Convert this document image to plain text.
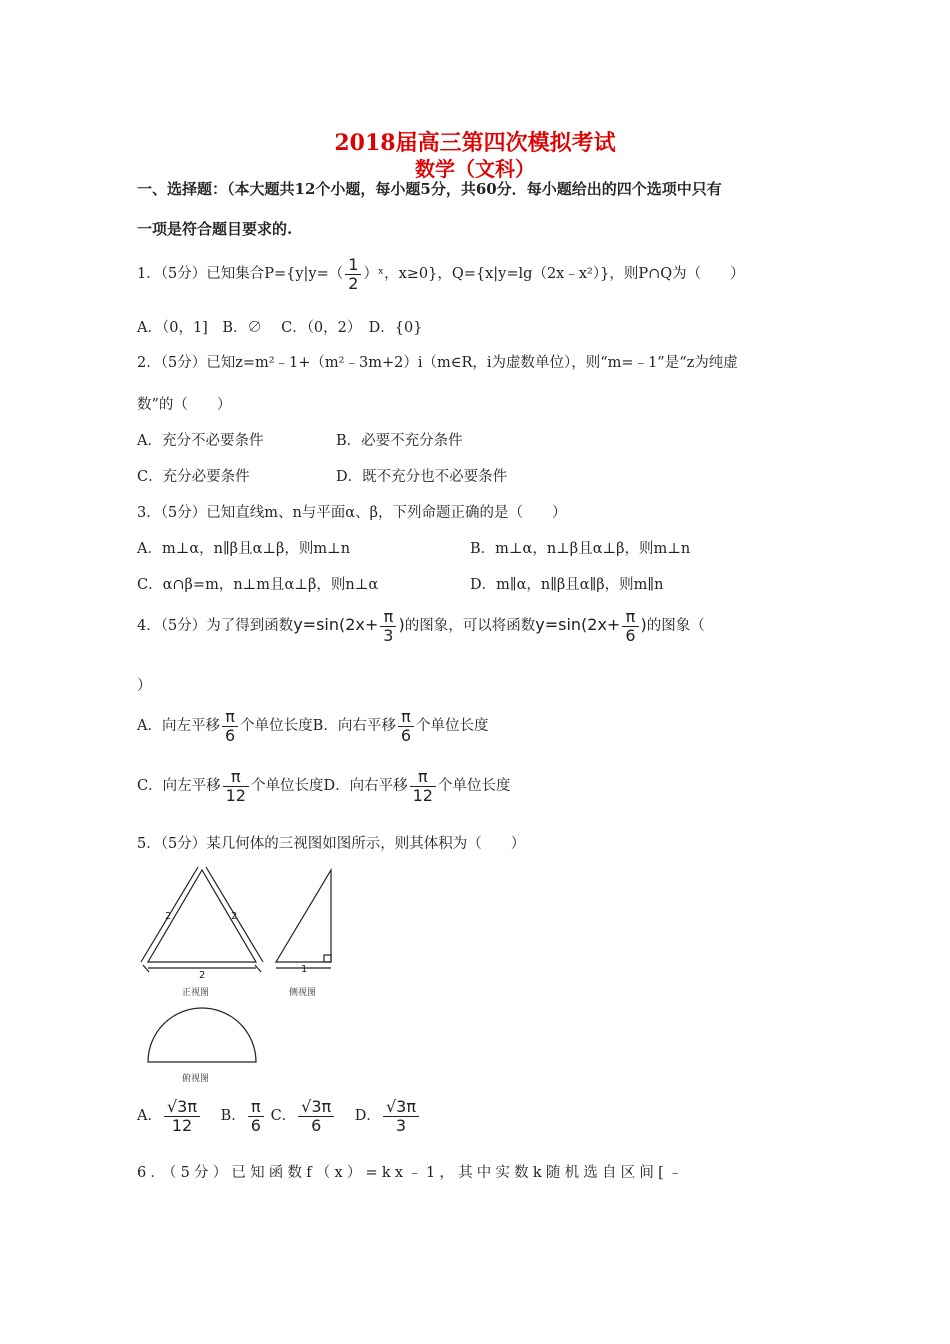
2018届高三第四次模拟考试
数学（文科）
一、选择题：（本大题共12个小题，每小题5分，共60分．每小题给出的四个选项中只有
一项是符合题目要求的.
1．（5分）已知集合$P=\{y|y=( \frac{1}{2}$ ）ˣ，x≥0}，Q={x|y=lg（2x﹣x²）}，则P∩Q为（　　）
A．（0，1]　B．∅　 C．（0，2）　D．{0}
2．（5分）已知z=m²﹣1+（m²﹣3m+2）i（m∈R，i为虚数单位），则“m=﹣1”是“z为纯虚
数”的（　　）
A．充分不必要条件	B．必要不充分条件
C．充分必要条件	D．既不充分也不必要条件
3．（5分）已知直线m、n与平面α、β，下列命题正确的是（　　）
A．m⊥α，n∥β且α⊥β，则m⊥n	B．m⊥α，n⊥β且α⊥β，则m⊥n
C．α∩β=m，n⊥m且α⊥β，则n⊥α	D．m∥α，n∥β且α∥β，则m∥n
4．（5分）为了得到函数$y=\sin(2x+ \frac{\pi}{3}$ )的图象，可以将函数$y=\sin(2x+ \frac{\pi}{6}$ )的图象（
）
A．向左平移 $\frac{\pi}{6}$ 个单位长度B．向右平移 $\frac{\pi}{6}$ 个单位长度
C．向左平移 $\frac{\pi}{12}$ 个单位长度D．向右平移 $\frac{\pi}{12}$ 个单位长度
5．（5分）某几何体的三视图如图所示，则其体积为（　　）
2	2
2
正视图
1
侧视图
俯视图
A． $\frac{√3\pi}{12}$ B． $\frac{\pi}{6}$ C． $\frac{√3\pi}{6}$ D． $\frac{√3\pi}{3}$
6．（5分）已知函数f（x）=kx﹣1，其中实数k随机选自区间[﹣
